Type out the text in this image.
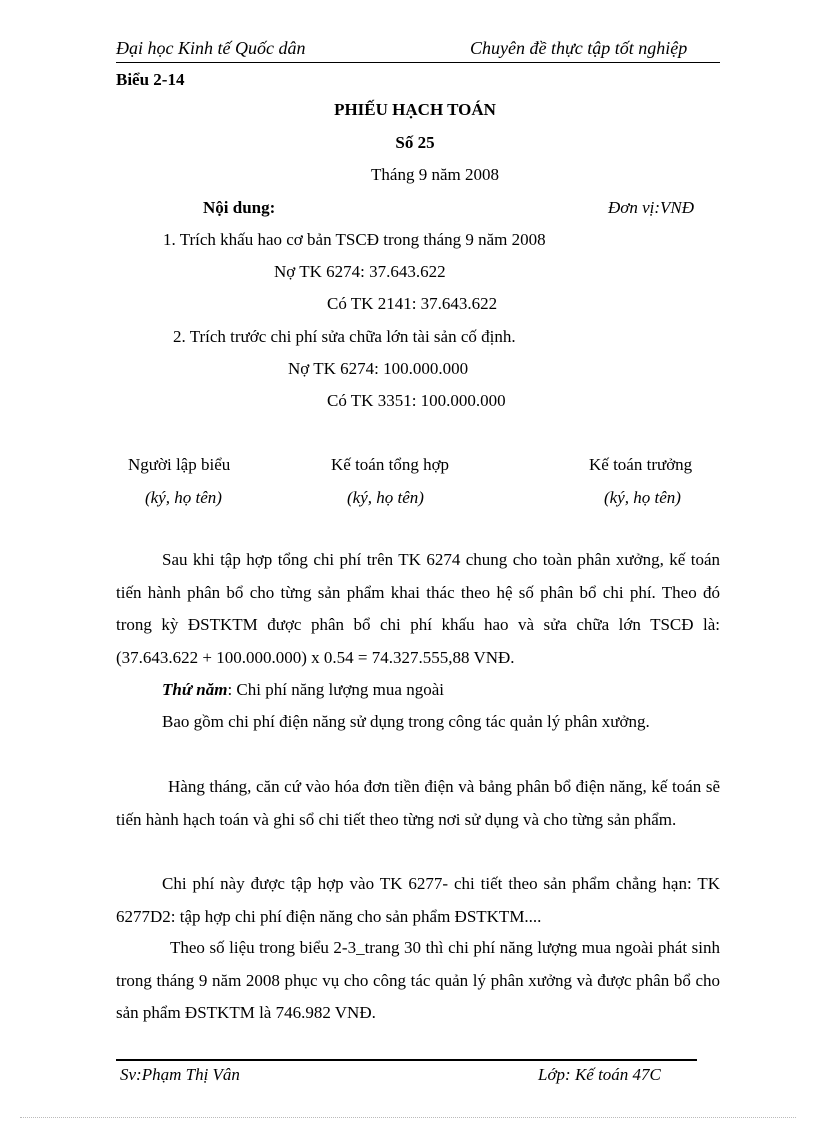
Đại học Kinh tế Quốc dân	Chuyên đề thực tập tốt nghiệp
Biểu 2-14
PHIẾU HẠCH TOÁN
Số 25
Tháng 9 năm 2008
Nội dung:	Đơn vị:VNĐ
1. Trích khấu hao cơ bản TSCĐ trong tháng 9 năm 2008
Nợ TK 6274: 37.643.622
Có TK 2141: 37.643.622
2. Trích trước chi phí sửa chữa lớn tài sản cố định.
Nợ TK 6274: 100.000.000
Có TK 3351: 100.000.000
Người lập biểu
(ký, họ tên)
Kế toán tổng hợp
(ký, họ tên)
Kế toán trưởng
(ký, họ tên)
Sau khi tập hợp tổng chi phí trên TK 6274 chung cho toàn phân xưởng, kế toán tiến hành phân bổ cho từng sản phẩm khai thác theo hệ số phân bổ chi phí. Theo đó trong kỳ ĐSTKTM được phân bổ chi phí khấu hao và sửa chữa lớn TSCĐ là: (37.643.622 + 100.000.000) x 0.54 = 74.327.555,88 VNĐ.
Thứ năm: Chi phí năng lượng mua ngoài
Bao gồm chi phí điện năng sử dụng trong công tác quản lý phân xưởng.
Hàng tháng, căn cứ vào hóa đơn tiền điện và bảng phân bổ điện năng, kế toán sẽ tiến hành hạch toán và ghi sổ chi tiết theo từng nơi sử dụng và cho từng sản phẩm.
Chi phí này được tập hợp vào TK 6277- chi tiết theo sản phẩm chẳng hạn: TK 6277D2: tập hợp chi phí điện năng cho sản phẩm ĐSTKTM....
Theo số liệu trong biểu 2-3_trang 30 thì chi phí năng lượng mua ngoài phát sinh trong tháng 9 năm 2008 phục vụ cho công tác quản lý phân xưởng và được phân bổ cho sản phẩm ĐSTKTM là 746.982 VNĐ.
Sv:Phạm Thị Vân	Lớp: Kế toán 47C
